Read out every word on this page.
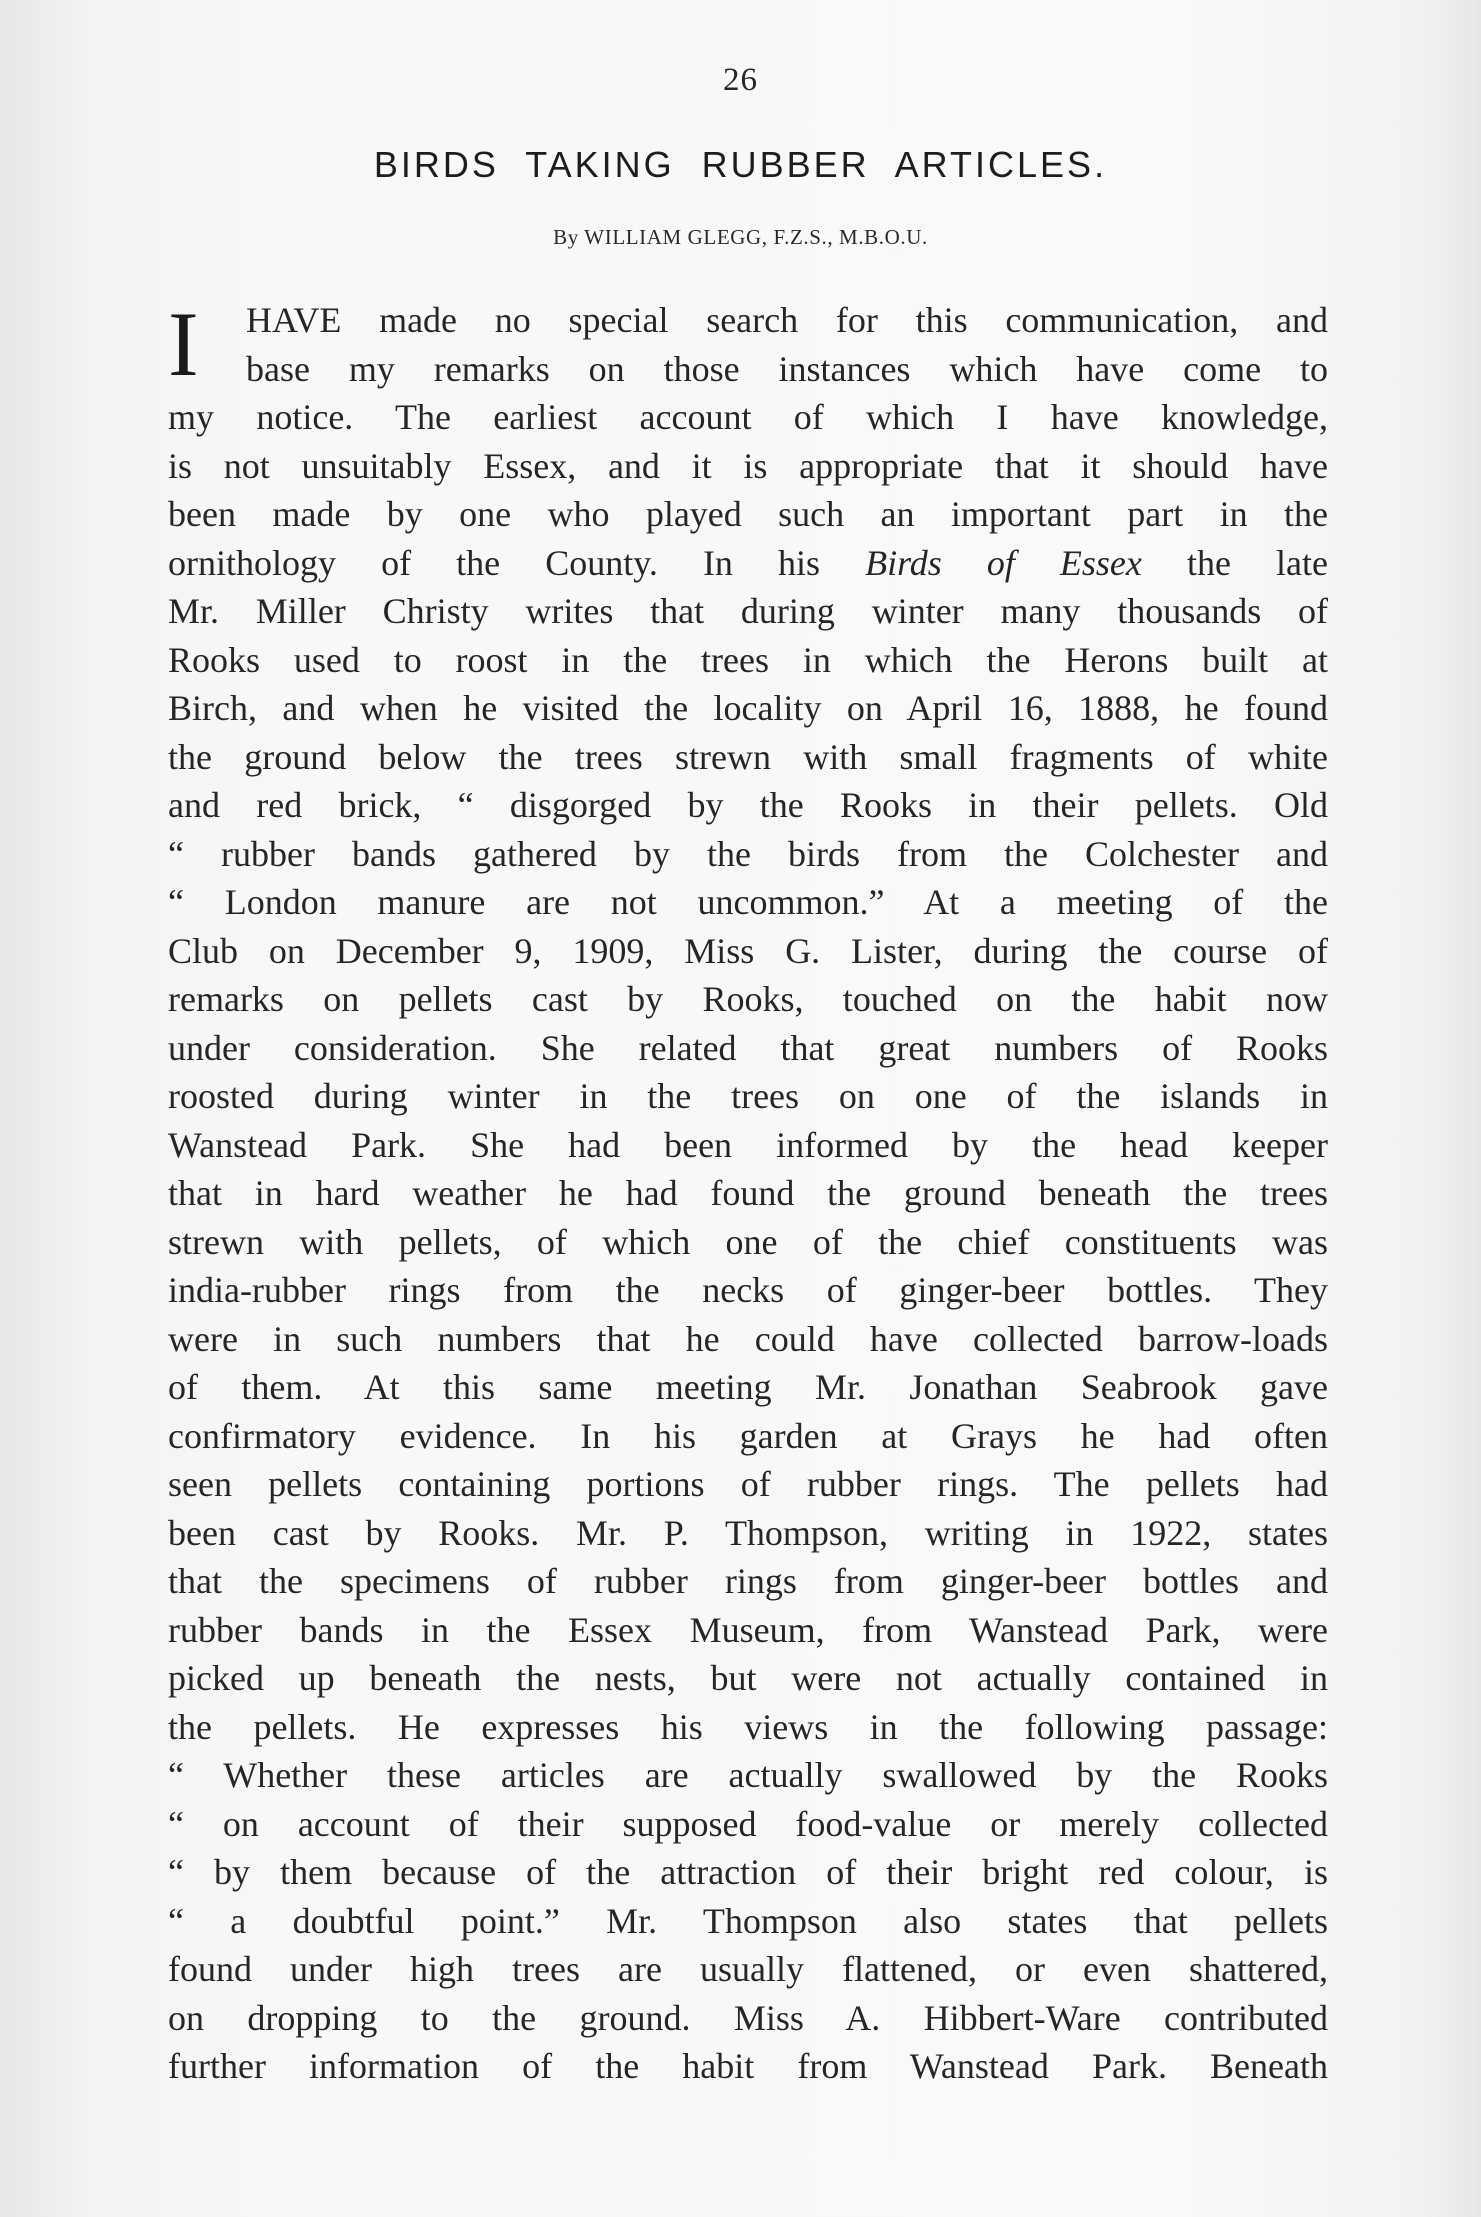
26
BIRDS TAKING RUBBER ARTICLES.
By WILLIAM GLEGG, F.Z.S., M.B.O.U.
I	HAVE made no special search for this communication, and
base my remarks on those instances which have come to
my notice. The earliest account of which I have knowledge,
is not unsuitably Essex, and it is appropriate that it should have
been made by one who played such an important part in the
ornithology of the County. In his Birds of Essex the late
Mr. Miller Christy writes that during winter many thousands of
Rooks used to roost in the trees in which the Herons built at
Birch, and when he visited the locality on April 16, 1888, he found
the ground below the trees strewn with small fragments of white
and red brick, “ disgorged by the Rooks in their pellets. Old
“ rubber bands gathered by the birds from the Colchester and
“ London manure are not uncommon.” At a meeting of the
Club on December 9, 1909, Miss G. Lister, during the course of
remarks on pellets cast by Rooks, touched on the habit now
under consideration. She related that great numbers of Rooks
roosted during winter in the trees on one of the islands in
Wanstead Park. She had been informed by the head keeper
that in hard weather he had found the ground beneath the trees
strewn with pellets, of which one of the chief constituents was
india-rubber rings from the necks of ginger-beer bottles. They
were in such numbers that he could have collected barrow-loads
of them. At this same meeting Mr. Jonathan Seabrook gave
confirmatory evidence. In his garden at Grays he had often
seen pellets containing portions of rubber rings. The pellets had
been cast by Rooks. Mr. P. Thompson, writing in 1922, states
that the specimens of rubber rings from ginger-beer bottles and
rubber bands in the Essex Museum, from Wanstead Park, were
picked up beneath the nests, but were not actually contained in
the pellets. He expresses his views in the following passage:
“ Whether these articles are actually swallowed by the Rooks
“ on account of their supposed food-value or merely collected
“ by them because of the attraction of their bright red colour, is
“ a doubtful point.” Mr. Thompson also states that pellets
found under high trees are usually flattened, or even shattered,
on dropping to the ground. Miss A. Hibbert-Ware contributed
further information of the habit from Wanstead Park. Beneath
